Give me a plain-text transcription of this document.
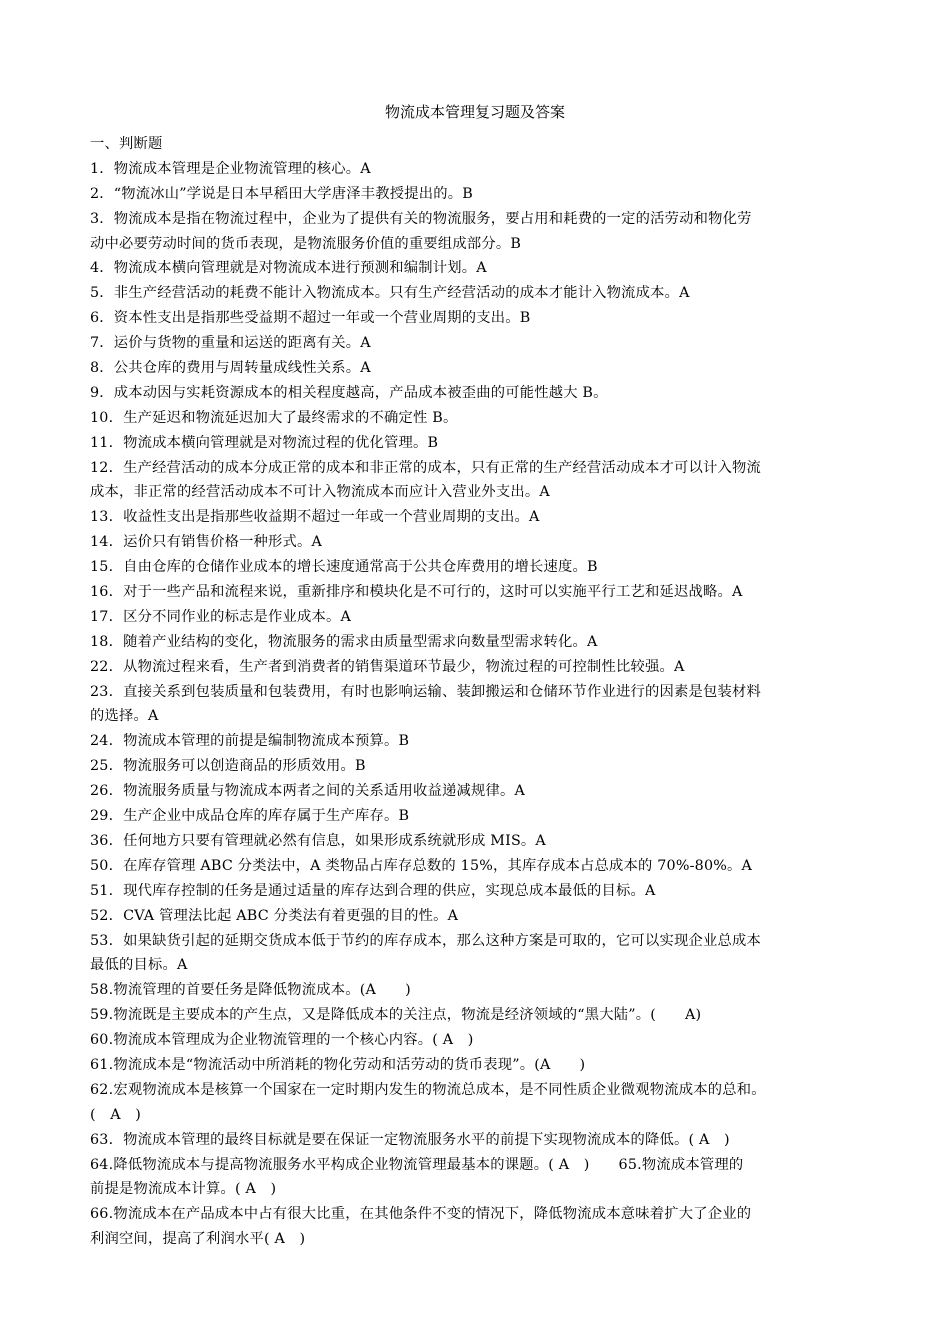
物流成本管理复习题及答案
一、判断题
1．物流成本管理是企业物流管理的核心。A
2．“物流冰山”学说是日本早稻田大学唐泽丰教授提出的。B
3．物流成本是指在物流过程中，企业为了提供有关的物流服务，要占用和耗费的一定的活劳动和物化劳
动中必要劳动时间的货币表现，是物流服务价值的重要组成部分。B
4．物流成本横向管理就是对物流成本进行预测和编制计划。A
5．非生产经营活动的耗费不能计入物流成本。只有生产经营活动的成本才能计入物流成本。A
6．资本性支出是指那些受益期不超过一年或一个营业周期的支出。B
7．运价与货物的重量和运送的距离有关。A
8．公共仓库的费用与周转量成线性关系。A
9．成本动因与实耗资源成本的相关程度越高，产品成本被歪曲的可能性越大 B。
10．生产延迟和物流延迟加大了最终需求的不确定性 B。
11．物流成本横向管理就是对物流过程的优化管理。B
12．生产经营活动的成本分成正常的成本和非正常的成本，只有正常的生产经营活动成本才可以计入物流
成本，非正常的经营活动成本不可计入物流成本而应计入营业外支出。A
13．收益性支出是指那些收益期不超过一年或一个营业周期的支出。A
14．运价只有销售价格一种形式。A
15．自由仓库的仓储作业成本的增长速度通常高于公共仓库费用的增长速度。B
16．对于一些产品和流程来说，重新排序和模块化是不可行的，这时可以实施平行工艺和延迟战略。A
17．区分不同作业的标志是作业成本。A
18．随着产业结构的变化，物流服务的需求由质量型需求向数量型需求转化。A
22．从物流过程来看，生产者到消费者的销售渠道环节最少，物流过程的可控制性比较强。A
23．直接关系到包装质量和包装费用，有时也影响运输、装卸搬运和仓储环节作业进行的因素是包装材料
的选择。A
24．物流成本管理的前提是编制物流成本预算。B
25．物流服务可以创造商品的形质效用。B
26．物流服务质量与物流成本两者之间的关系适用收益递减规律。A
29．生产企业中成品仓库的库存属于生产库存。B
36．任何地方只要有管理就必然有信息，如果形成系统就形成 MIS。A
50．在库存管理 ABC 分类法中，A 类物品占库存总数的 15%，其库存成本占总成本的 70%-80%。A
51．现代库存控制的任务是通过适量的库存达到合理的供应，实现总成本最低的目标。A
52．CVA 管理法比起 ABC 分类法有着更强的目的性。A
53．如果缺货引起的延期交货成本低于节约的库存成本，那么这种方案是可取的，它可以实现企业总成本
最低的目标。A
58.物流管理的首要任务是降低物流成本。(A　　)
59.物流既是主要成本的产生点，又是降低成本的关注点，物流是经济领域的“黑大陆”。(　　A)
60.物流成本管理成为企业物流管理的一个核心内容。( A　)
61.物流成本是“物流活动中所消耗的物化劳动和活劳动的货币表现”。(A　　)
62.宏观物流成本是核算一个国家在一定时期内发生的物流总成本，是不同性质企业微观物流成本的总和。
(　A　)
63．物流成本管理的最终目标就是要在保证一定物流服务水平的前提下实现物流成本的降低。( A　)
64.降低物流成本与提高物流服务水平构成企业物流管理最基本的课题。( A　)　　65.物流成本管理的
前提是物流成本计算。( A　)
66.物流成本在产品成本中占有很大比重，在其他条件不变的情况下，降低物流成本意味着扩大了企业的
利润空间，提高了利润水平( A　)
